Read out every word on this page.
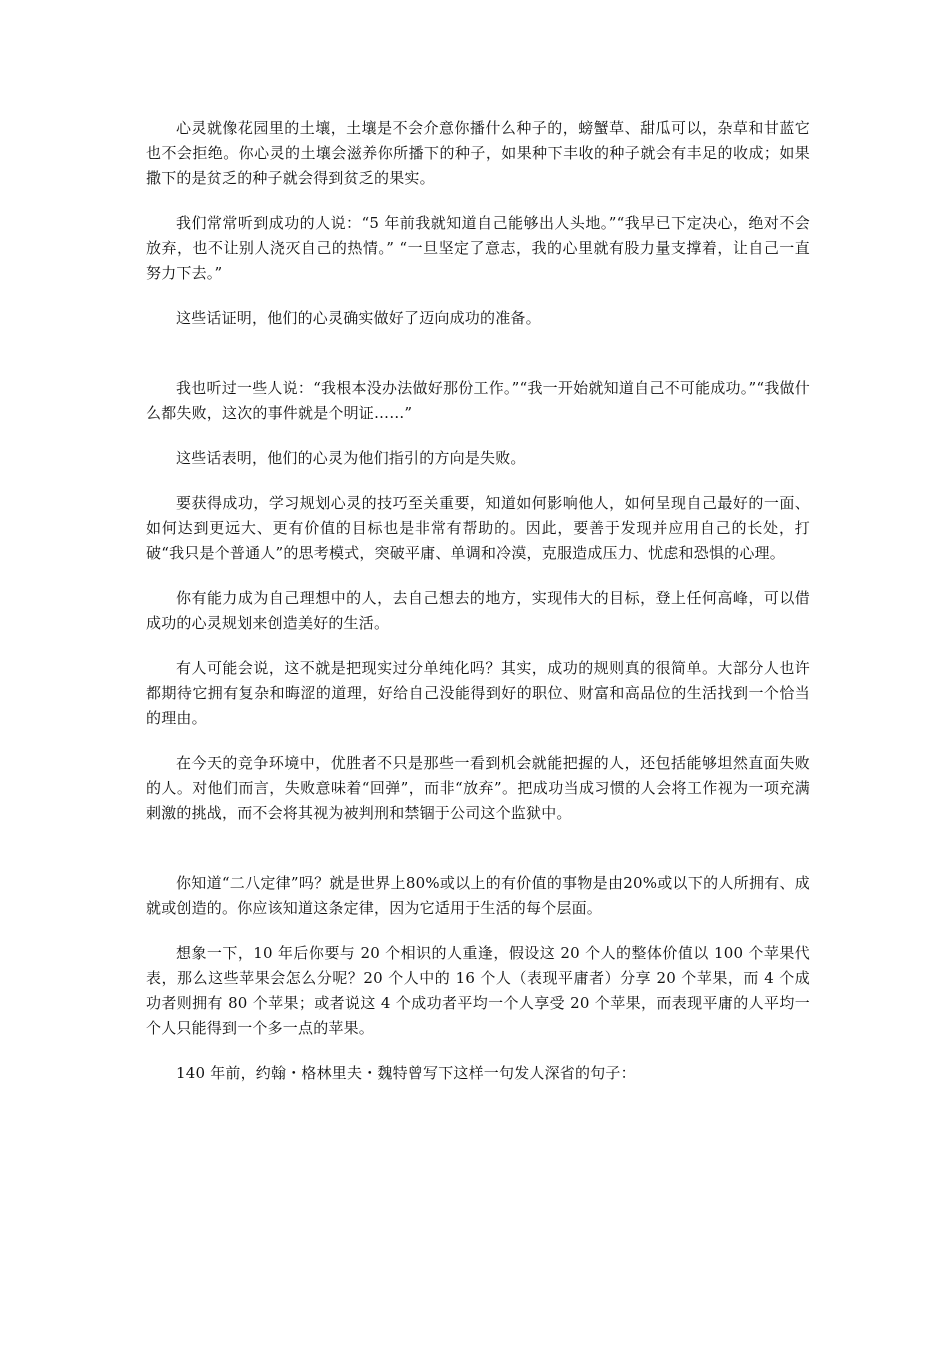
心灵就像花园里的土壤，土壤是不会介意你播什么种子的，螃蟹草、甜瓜可以，杂草和甘蓝它也不会拒绝。你心灵的土壤会滋养你所播下的种子，如果种下丰收的种子就会有丰足的收成；如果撒下的是贫乏的种子就会得到贫乏的果实。

我们常常听到成功的人说：“5 年前我就知道自己能够出人头地。”“我早已下定决心，绝对不会放弃，也不让别人浇灭自己的热情。” “一旦坚定了意志，我的心里就有股力量支撑着，让自己一直努力下去。”

这些话证明，他们的心灵确实做好了迈向成功的准备。

我也听过一些人说：“我根本没办法做好那份工作。”“我一开始就知道自己不可能成功。”“我做什么都失败，这次的事件就是个明证……”

这些话表明，他们的心灵为他们指引的方向是失败。

要获得成功，学习规划心灵的技巧至关重要，知道如何影响他人，如何呈现自己最好的一面、如何达到更远大、更有价值的目标也是非常有帮助的。因此，要善于发现并应用自己的长处，打破“我只是个普通人”的思考模式，突破平庸、单调和冷漠，克服造成压力、忧虑和恐惧的心理。

你有能力成为自己理想中的人，去自己想去的地方，实现伟大的目标，登上任何高峰，可以借成功的心灵规划来创造美好的生活。

有人可能会说，这不就是把现实过分单纯化吗？其实，成功的规则真的很简单。大部分人也许都期待它拥有复杂和晦涩的道理，好给自己没能得到好的职位、财富和高品位的生活找到一个恰当的理由。

在今天的竞争环境中，优胜者不只是那些一看到机会就能把握的人，还包括能够坦然直面失败的人。对他们而言，失败意味着“回弹”，而非“放弃”。把成功当成习惯的人会将工作视为一项充满刺激的挑战，而不会将其视为被判刑和禁锢于公司这个监狱中。

你知道“二八定律”吗？就是世界上80%或以上的有价值的事物是由20%或以下的人所拥有、成就或创造的。你应该知道这条定律，因为它适用于生活的每个层面。

想象一下，10 年后你要与 20 个相识的人重逢，假设这 20 个人的整体价值以 100 个苹果代表，那么这些苹果会怎么分呢？20 个人中的 16 个人（表现平庸者）分享 20 个苹果，而 4 个成功者则拥有 80 个苹果；或者说这 4 个成功者平均一个人享受 20 个苹果，而表现平庸的人平均一个人只能得到一个多一点的苹果。

140 年前，约翰・格林里夫・魏特曾写下这样一句发人深省的句子：
